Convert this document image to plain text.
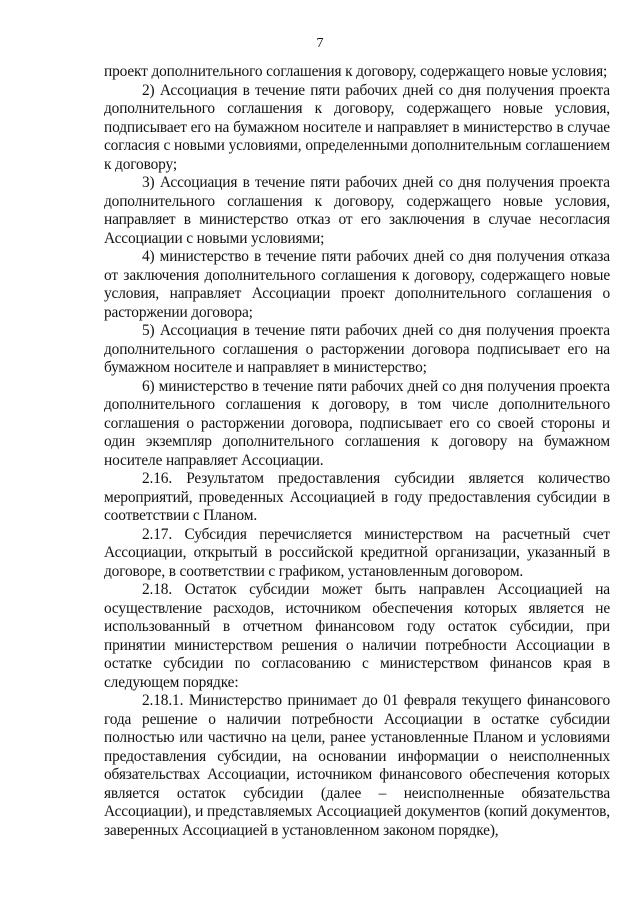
7

проект дополнительного соглашения к договору, содержащего новые условия;

2) Ассоциация в течение пяти рабочих дней со дня получения проекта дополнительного соглашения к договору, содержащего новые условия, подписывает его на бумажном носителе и направляет в министерство в случае согласия с новыми условиями, определенными дополнительным соглашением к договору;

3) Ассоциация в течение пяти рабочих дней со дня получения проекта дополнительного соглашения к договору, содержащего новые условия, направляет в министерство отказ от его заключения в случае несогласия Ассоциации с новыми условиями;

4) министерство в течение пяти рабочих дней со дня получения отказа от заключения дополнительного соглашения к договору, содержащего новые условия, направляет Ассоциации проект дополнительного соглашения о расторжении договора;

5) Ассоциация в течение пяти рабочих дней со дня получения проекта дополнительного соглашения о расторжении договора подписывает его на бумажном носителе и направляет в министерство;

6) министерство в течение пяти рабочих дней со дня получения проекта дополнительного соглашения к договору, в том числе дополнительного соглашения о расторжении договора, подписывает его со своей стороны и один экземпляр дополнительного соглашения к договору на бумажном носителе направляет Ассоциации.

2.16. Результатом предоставления субсидии является количество мероприятий, проведенных Ассоциацией в году предоставления субсидии в соответствии с Планом.

2.17. Субсидия перечисляется министерством на расчетный счет Ассоциации, открытый в российской кредитной организации, указанный в договоре, в соответствии с графиком, установленным договором.

2.18. Остаток субсидии может быть направлен Ассоциацией на осуществление расходов, источником обеспечения которых является не использованный в отчетном финансовом году остаток субсидии, при принятии министерством решения о наличии потребности Ассоциации в остатке субсидии по согласованию с министерством финансов края в следующем порядке:

2.18.1. Министерство принимает до 01 февраля текущего финансового года решение о наличии потребности Ассоциации в остатке субсидии полностью или частично на цели, ранее установленные Планом и условиями предоставления субсидии, на основании информации о неисполненных обязательствах Ассоциации, источником финансового обеспечения которых является остаток субсидии (далее – неисполненные обязательства Ассоциации), и представляемых Ассоциацией документов (копий документов, заверенных Ассоциацией в установленном законом порядке),
